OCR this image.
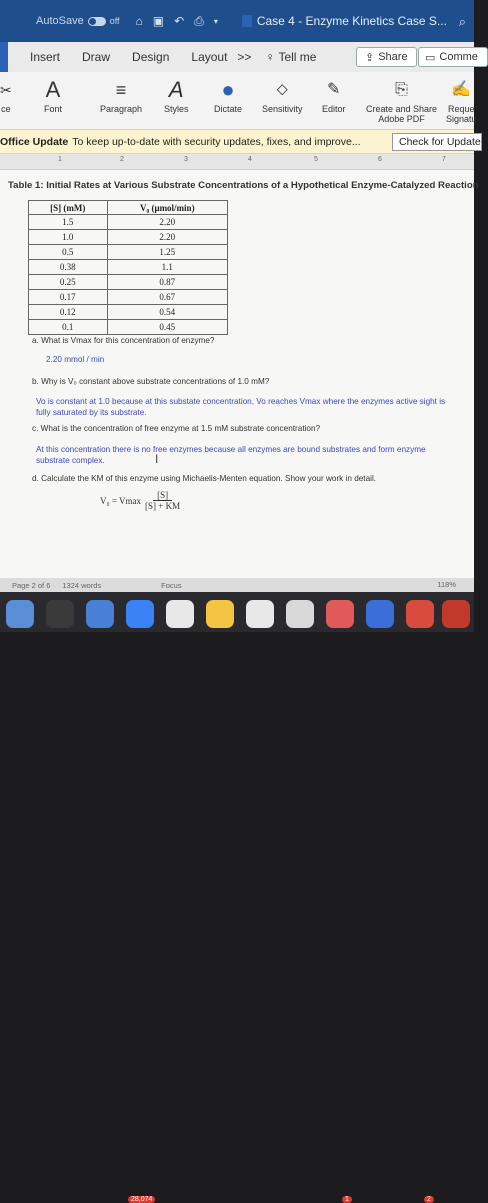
AutoSave	off ⌂ ▣ ↶ ⎙ ▾	Case 4 - Enzyme Kinetics Case S... ⌕
Insert Draw Design Layout >> ♀ Tell me	⇪ Share ▭ Comme
✂
ce
A
Font
≡
Paragraph
A
Styles
●
Dictate
⬦
Sensitivity
✎
Editor
⎘
Create and Share
Adobe PDF
✍
Reque
Signatu
Office Update To keep up-to-date with security updates, fixes, and improve...	Check for Update
1	2	3	4	5	6	7
Table 1: Initial Rates at Various Substrate Concentrations of a Hypothetical Enzyme-Catalyzed Reaction
[S] (mM)	V₀ (μmol/min)
1.5	2.20
1.0	2.20
0.5	1.25
0.38	1.1
0.25	0.87
0.17	0.67
0.12	0.54
0.1	0.45
a. What is Vmax for this concentration of enzyme?
2.20 mmol / min
b. Why is V₀ constant above substrate concentrations of 1.0 mM?
Vo is constant at 1.0 because at this substate concentration, Vo reaches Vmax where the enzymes active sight is fully saturated by its substrate.
c. What is the concentration of free enzyme at 1.5 mM substrate concentration?
At this concentration there is no free enzymes because all enzymes are bound substrates and form enzyme substrate complex.	I
d. Calculate the KM of this enzyme using Michaelis-Menten equation. Show your work in detail.
V₀ = Vmax $\frac{[S]}{[S] + KM}$
Page 2 of 6 1324 words	Focus	118%
28,074	1	2
